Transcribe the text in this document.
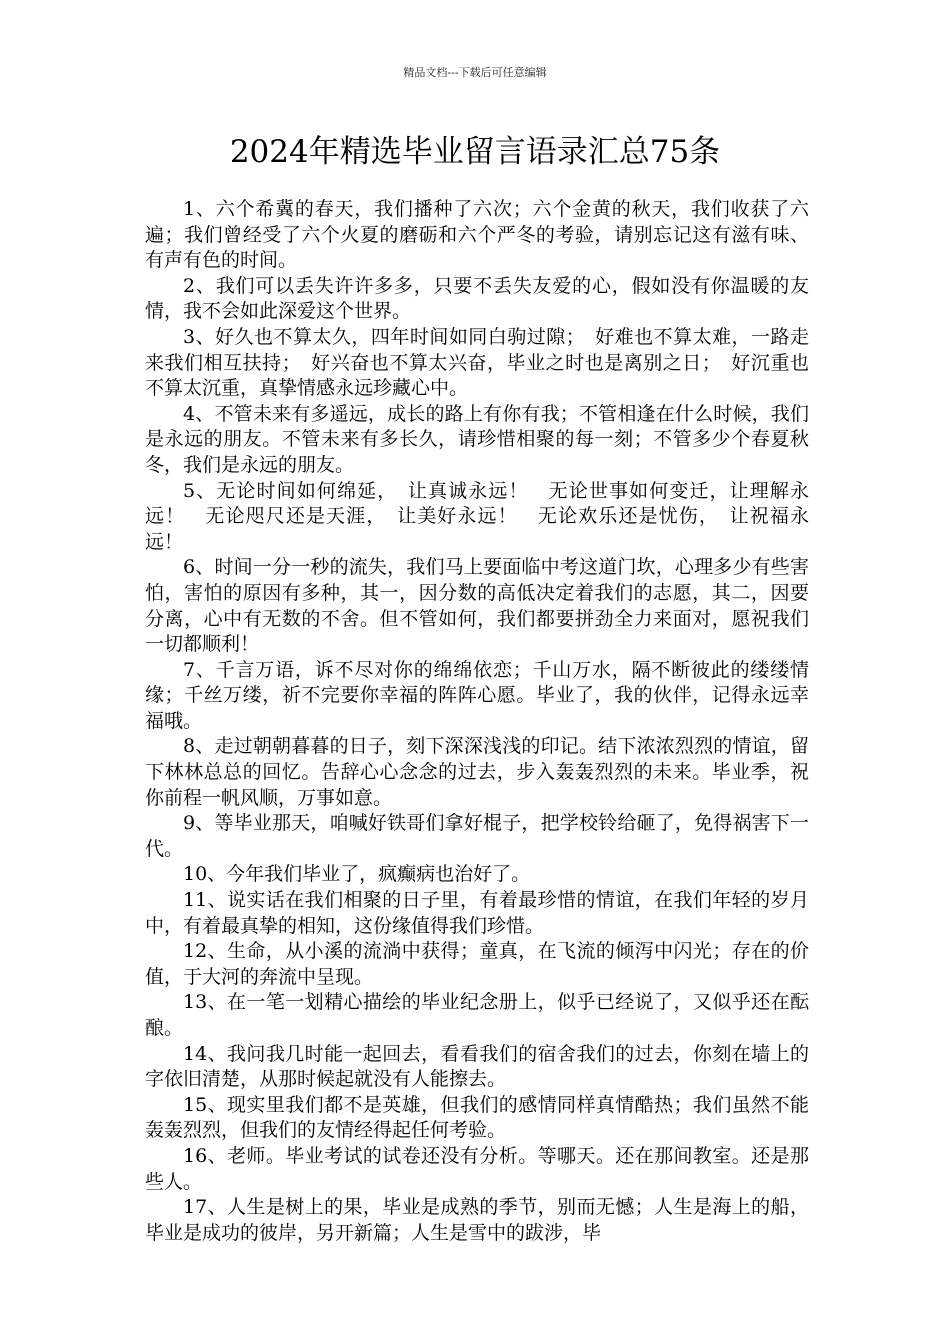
精品文档---下载后可任意编辑
2024年精选毕业留言语录汇总75条

1、六个希冀的春天，我们播种了六次；六个金黄的秋天，我们收获了六遍；我们曾经受了六个火夏的磨砺和六个严冬的考验，请别忘记这有滋有味、有声有色的时间。

2、我们可以丢失许许多多，只要不丢失友爱的心，假如没有你温暖的友情，我不会如此深爱这个世界。

3、好久也不算太久，四年时间如同白驹过隙；　好难也不算太难，一路走来我们相互扶持；　好兴奋也不算太兴奋，毕业之时也是离别之日；　好沉重也不算太沉重，真挚情感永远珍藏心中。

4、不管未来有多遥远，成长的路上有你有我；不管相逢在什么时候，我们是永远的朋友。不管未来有多长久，请珍惜相聚的每一刻；不管多少个春夏秋冬，我们是永远的朋友。

5、无论时间如何绵延，　让真诚永远！　无论世事如何变迁，让理解永远！　无论咫尺还是天涯，　让美好永远！　无论欢乐还是忧伤，　让祝福永远！

6、时间一分一秒的流失，我们马上要面临中考这道门坎，心理多少有些害怕，害怕的原因有多种，其一，因分数的高低决定着我们的志愿，其二，因要分离，心中有无数的不舍。但不管如何，我们都要拼劲全力来面对，愿祝我们一切都顺利！

7、千言万语，诉不尽对你的绵绵依恋；千山万水，隔不断彼此的缕缕情缘；千丝万缕，祈不完要你幸福的阵阵心愿。毕业了，我的伙伴，记得永远幸福哦。

8、走过朝朝暮暮的日子，刻下深深浅浅的印记。结下浓浓烈烈的情谊，留下林林总总的回忆。告辞心心念念的过去，步入轰轰烈烈的未来。毕业季，祝你前程一帆风顺，万事如意。

9、等毕业那天，咱喊好铁哥们拿好棍子，把学校铃给砸了，免得祸害下一代。

10、今年我们毕业了，疯癫病也治好了。

11、说实话在我们相聚的日子里，有着最珍惜的情谊，在我们年轻的岁月中，有着最真挚的相知，这份缘值得我们珍惜。

12、生命，从小溪的流淌中获得；童真，在飞流的倾泻中闪光；存在的价值，于大河的奔流中呈现。

13、在一笔一划精心描绘的毕业纪念册上，似乎已经说了，又似乎还在酝酿。

14、我问我几时能一起回去，看看我们的宿舍我们的过去，你刻在墙上的字依旧清楚，从那时候起就没有人能擦去。

15、现实里我们都不是英雄，但我们的感情同样真情酷热；我们虽然不能轰轰烈烈，但我们的友情经得起任何考验。

16、老师。毕业考试的试卷还没有分析。等哪天。还在那间教室。还是那些人。

17、人生是树上的果，毕业是成熟的季节，别而无憾；人生是海上的船，毕业是成功的彼岸，另开新篇；人生是雪中的跋涉，毕
